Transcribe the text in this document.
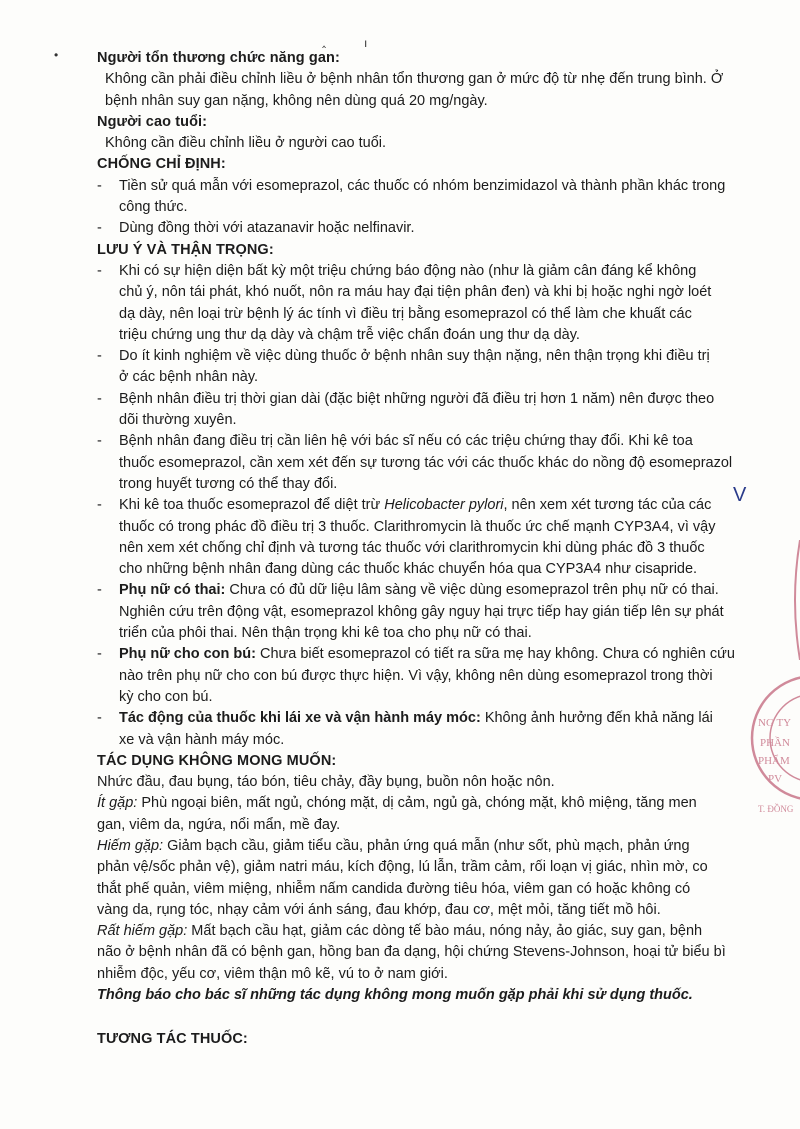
Người tổn thương chức năng gan:
Không cần phải điều chỉnh liều ở bệnh nhân tổn thương gan ở mức độ từ nhẹ đến trung bình. Ở
bệnh nhân suy gan nặng, không nên dùng quá 20 mg/ngày.
Người cao tuổi:
Không cần điều chỉnh liều ở người cao tuổi.
CHỐNG CHỈ ĐỊNH:
- Tiền sử quá mẫn với esomeprazol, các thuốc có nhóm benzimidazol và thành phần khác trong
công thức.
- Dùng đồng thời với atazanavir hoặc nelfinavir.
LƯU Ý VÀ THẬN TRỌNG:
- Khi có sự hiện diện bất kỳ một triệu chứng báo động nào (như là giảm cân đáng kể không
chủ ý, nôn tái phát, khó nuốt, nôn ra máu hay đại tiện phân đen) và khi bị hoặc nghi ngờ loét
dạ dày, nên loại trừ bệnh lý ác tính vì điều trị bằng esomeprazol có thể làm che khuất các
triệu chứng ung thư dạ dày và chậm trễ việc chẩn đoán ung thư dạ dày.
- Do ít kinh nghiệm về việc dùng thuốc ở bệnh nhân suy thận nặng, nên thận trọng khi điều trị
ở các bệnh nhân này.
- Bệnh nhân điều trị thời gian dài (đặc biệt những người đã điều trị hơn 1 năm) nên được theo
dõi thường xuyên.
- Bệnh nhân đang điều trị cần liên hệ với bác sĩ nếu có các triệu chứng thay đổi. Khi kê toa
thuốc esomeprazol, cần xem xét đến sự tương tác với các thuốc khác do nồng độ esomeprazol
trong huyết tương có thể thay đổi.
- Khi kê toa thuốc esomeprazol để diệt trừ Helicobacter pylori, nên xem xét tương tác của các
thuốc có trong phác đồ điều trị 3 thuốc. Clarithromycin là thuốc ức chế mạnh CYP3A4, vì vậy
nên xem xét chống chỉ định và tương tác thuốc với clarithromycin khi dùng phác đồ 3 thuốc
cho những bệnh nhân đang dùng các thuốc khác chuyển hóa qua CYP3A4 như cisapride.
- Phụ nữ có thai: Chưa có đủ dữ liệu lâm sàng về việc dùng esomeprazol trên phụ nữ có thai.
Nghiên cứu trên động vật, esomeprazol không gây nguy hại trực tiếp hay gián tiếp lên sự phát
triển của phôi thai. Nên thận trọng khi kê toa cho phụ nữ có thai.
- Phụ nữ cho con bú: Chưa biết esomeprazol có tiết ra sữa mẹ hay không. Chưa có nghiên cứu
nào trên phụ nữ cho con bú được thực hiện. Vì vậy, không nên dùng esomeprazol trong thời
kỳ cho con bú.
- Tác động của thuốc khi lái xe và vận hành máy móc: Không ảnh hưởng đến khả năng lái
xe và vận hành máy móc.
TÁC DỤNG KHÔNG MONG MUỐN:
Nhức đầu, đau bụng, táo bón, tiêu chảy, đầy bụng, buồn nôn hoặc nôn.
Ít gặp: Phù ngoại biên, mất ngủ, chóng mặt, dị cảm, ngủ gà, chóng mặt, khô miệng, tăng men
gan, viêm da, ngứa, nổi mẩn, mề đay.
Hiếm gặp: Giảm bạch cầu, giảm tiểu cầu, phản ứng quá mẫn (như sốt, phù mạch, phản ứng
phản vệ/sốc phản vệ), giảm natri máu, kích động, lú lẫn, trầm cảm, rối loạn vị giác, nhìn mờ, co
thắt phế quản, viêm miệng, nhiễm nấm candida đường tiêu hóa, viêm gan có hoặc không có
vàng da, rụng tóc, nhạy cảm với ánh sáng, đau khớp, đau cơ, mệt mỏi, tăng tiết mồ hôi.
Rất hiếm gặp: Mất bạch cầu hạt, giảm các dòng tế bào máu, nóng nảy, ảo giác, suy gan, bệnh
não ở bệnh nhân đã có bệnh gan, hồng ban đa dạng, hội chứng Stevens-Johnson, hoại tử biểu bì
nhiễm độc, yếu cơ, viêm thận mô kẽ, vú to ở nam giới.
Thông báo cho bác sĩ những tác dụng không mong muốn gặp phải khi sử dụng thuốc.
TƯƠNG TÁC THUỐC:
•
‸	ı
V
NG TY
PHẦN
PHẨM
PV
T. ĐỒNG
